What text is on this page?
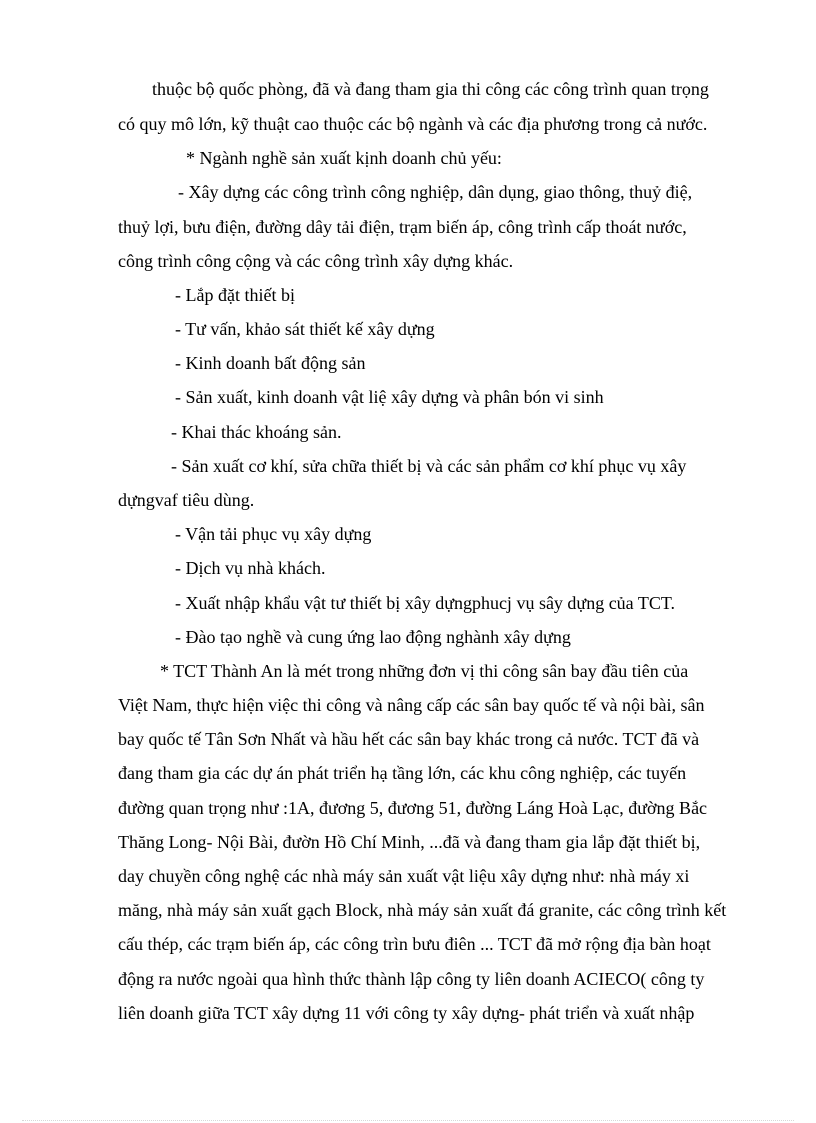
thuộc bộ quốc phòng, đã và đang tham gia thi công các công trình quan trọng
có quy mô lớn, kỹ thuật cao thuộc các bộ ngành và các địa phương trong cả nước.
* Ngành nghề sản xuất kịnh doanh chủ yếu:
- Xây dựng các công trình công nghiệp, dân dụng, giao thông, thuỷ điệ,
thuỷ lợi, bưu điện, đường dây tải điện, trạm biến áp, công trình cấp thoát nước,
công trình công cộng và các công trình xây dựng khác.
- Lắp đặt thiết bị
- Tư vấn, khảo sát thiết kế xây dựng
- Kinh doanh bất động sản
- Sản xuất, kinh doanh vật liệ xây dựng và phân bón vi sinh
- Khai thác khoáng sản.
- Sản xuất cơ khí, sửa chữa thiết bị và các sản phẩm cơ khí phục vụ xây
dựngvaf tiêu dùng.
- Vận tải phục vụ xây dựng
- Dịch vụ nhà khách.
- Xuất nhập khẩu vật tư thiết bị xây dựngphucj vụ sây dựng của TCT.
- Đào tạo nghề và cung ứng lao động nghành xây dựng
* TCT Thành An là mét trong những đơn vị thi công sân bay đầu tiên của
Việt Nam, thực hiện việc thi công và nâng cấp các sân bay quốc tế và nội bài, sân
bay quốc tế Tân Sơn Nhất và hầu hết các sân bay khác trong cả nước. TCT đã và
đang tham gia các dự án phát triển hạ tầng lớn, các khu công nghiệp, các tuyến
đường quan trọng như :1A, đương 5, đương 51, đường Láng Hoà Lạc, đường Bắc
Thăng Long- Nội Bài, đườn Hồ Chí Minh, ...đã và đang tham gia lắp đặt thiết bị,
day chuyền công nghệ các nhà máy sản xuất vật liệu xây dựng như: nhà máy xi
măng, nhà máy sản xuất gạch Block, nhà máy sản xuất đá granite, các công trình kết
cấu thép, các trạm biến áp, các công trìn bưu điên ... TCT đã mở rộng địa bàn hoạt
động ra nước ngoài qua hình thức thành lập công ty liên doanh ACIECO( công ty
liên doanh giữa TCT xây dựng 11 với công ty xây dựng- phát triển và xuất nhập
